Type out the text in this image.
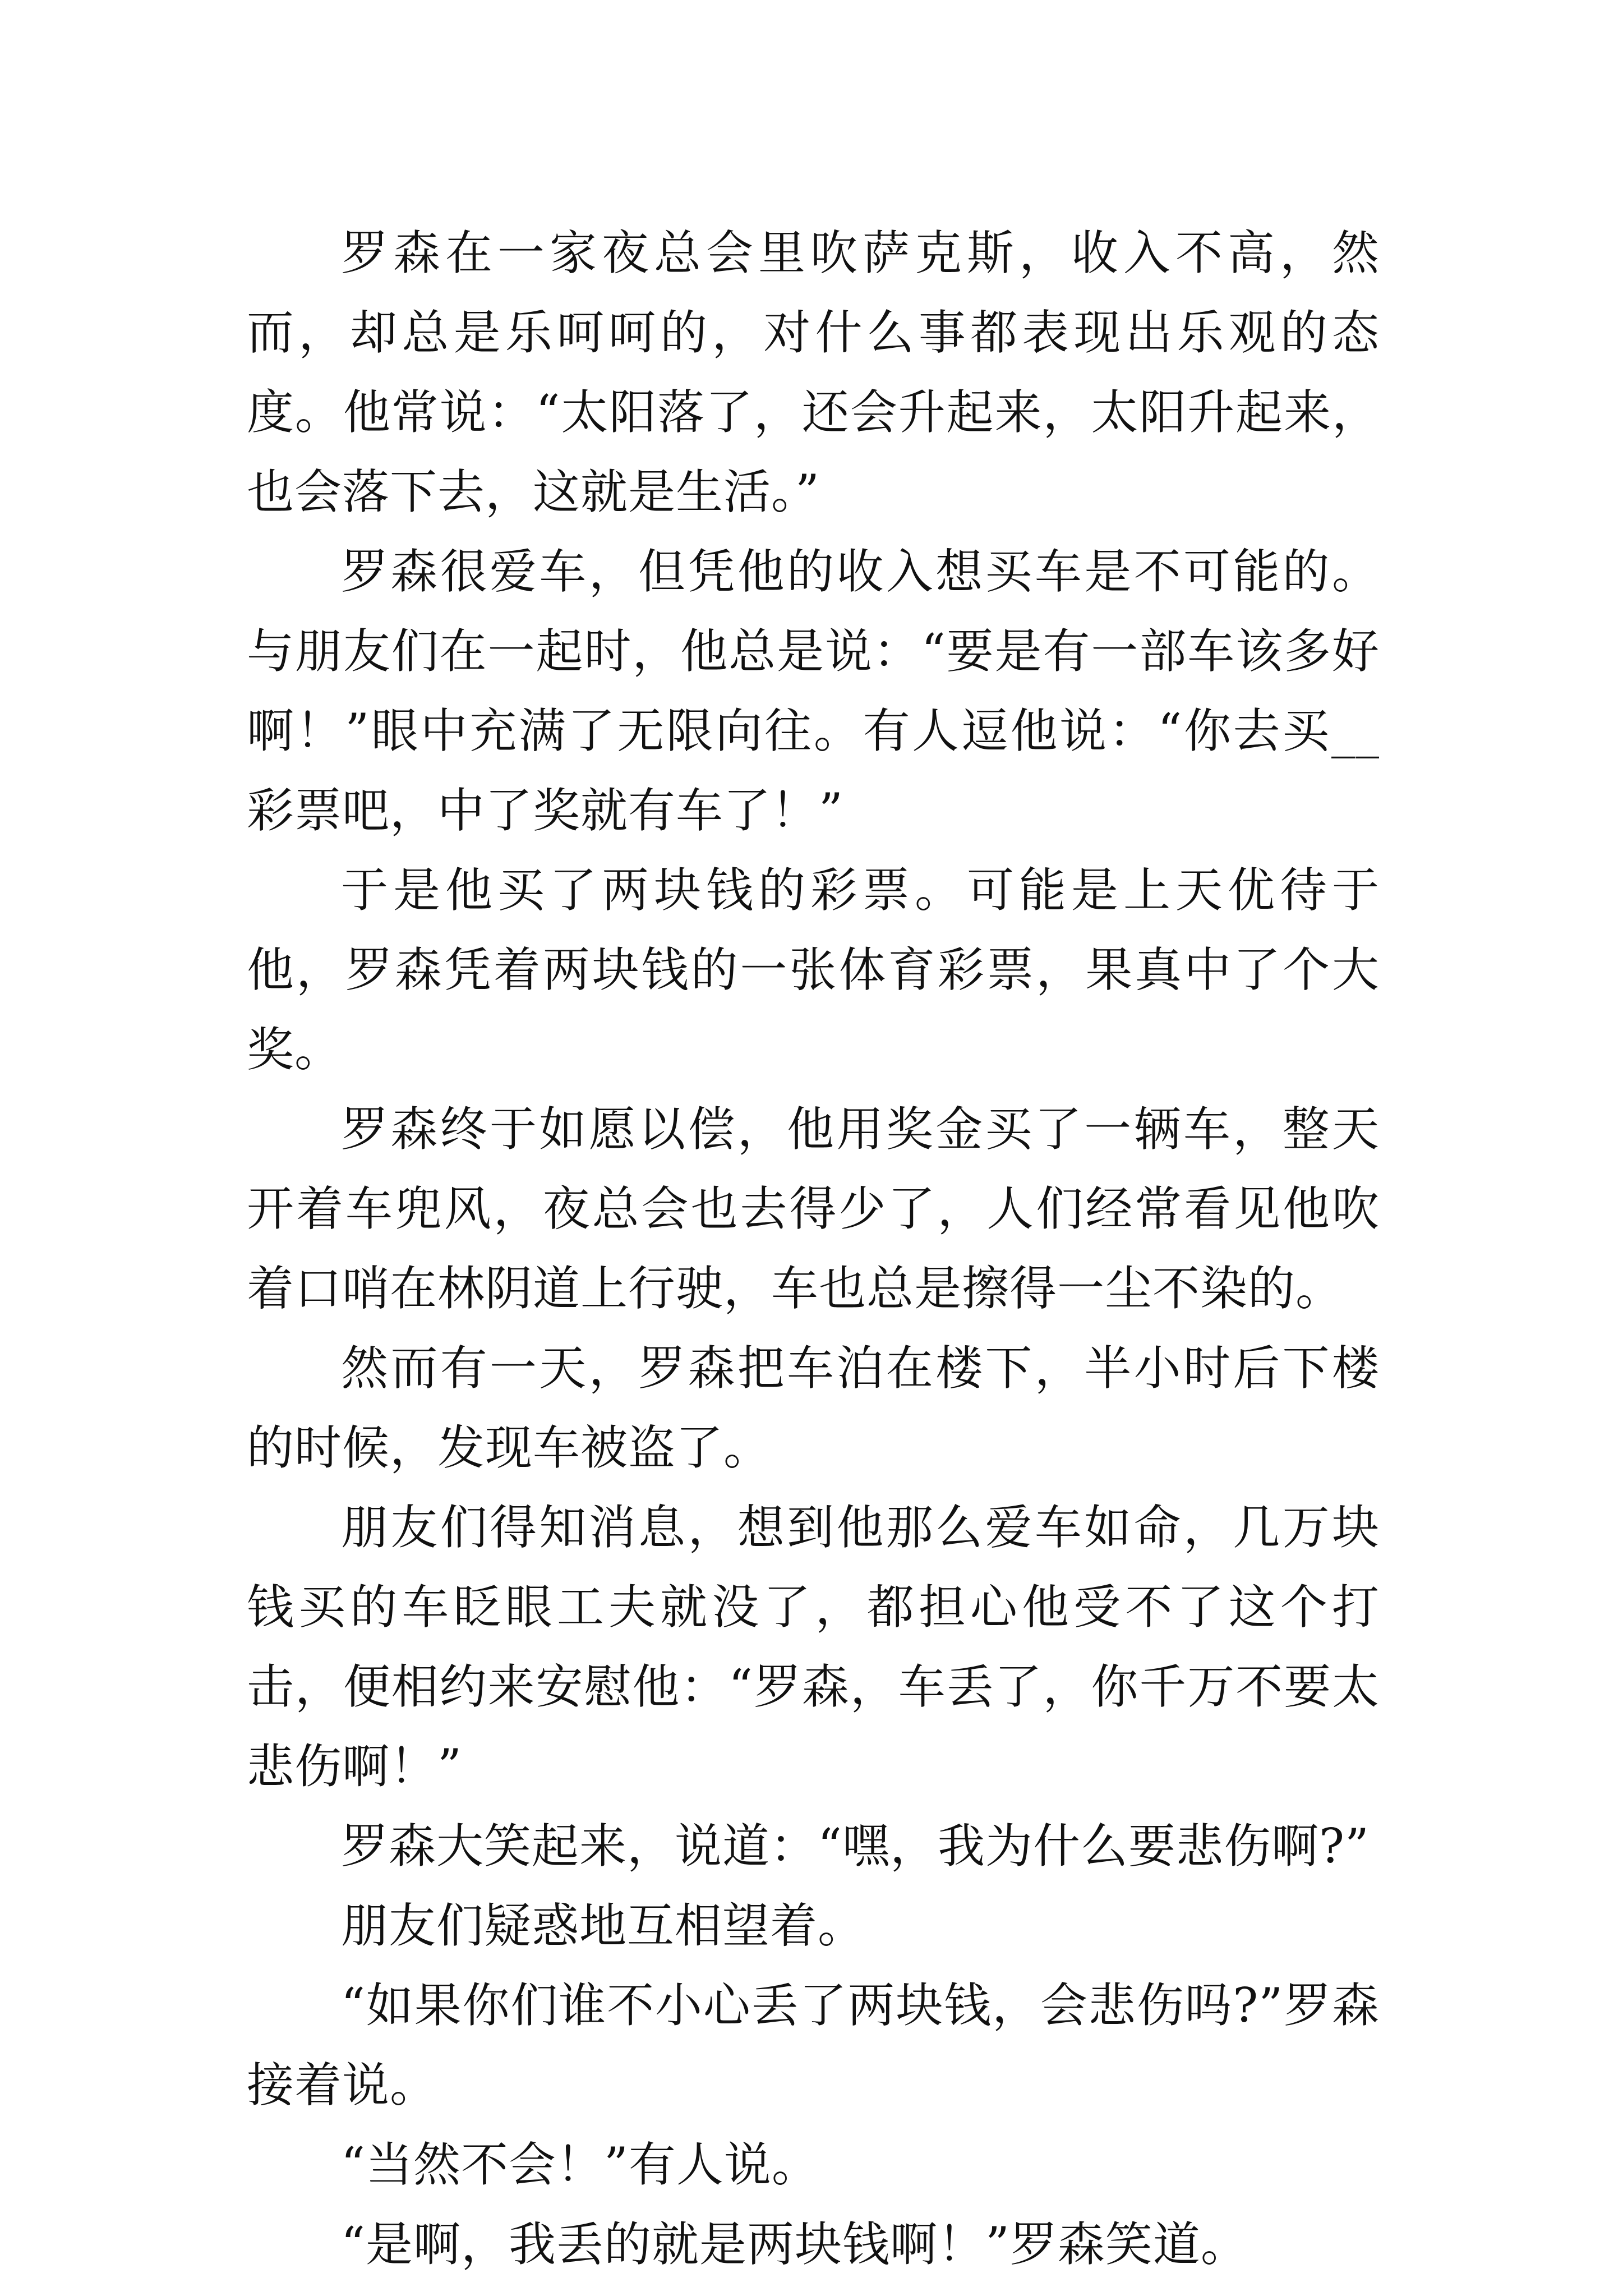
罗森在一家夜总会里吹萨克斯，收入不高，然而，却总是乐呵呵的，对什么事都表现出乐观的态度。他常说：“太阳落了，还会升起来，太阳升起来，也会落下去，这就是生活。”

罗森很爱车，但凭他的收入想买车是不可能的。与朋友们在一起时，他总是说：“要是有一部车该多好啊！”眼中充满了无限向往。有人逗他说：“你去买__彩票吧，中了奖就有车了！”

于是他买了两块钱的彩票。可能是上天优待于他，罗森凭着两块钱的一张体育彩票，果真中了个大奖。

罗森终于如愿以偿，他用奖金买了一辆车，整天开着车兜风，夜总会也去得少了，人们经常看见他吹着口哨在林阴道上行驶，车也总是擦得一尘不染的。

然而有一天，罗森把车泊在楼下，半小时后下楼的时候，发现车被盗了。

朋友们得知消息，想到他那么爱车如命，几万块钱买的车眨眼工夫就没了，都担心他受不了这个打击，便相约来安慰他：“罗森，车丢了，你千万不要太悲伤啊！”

罗森大笑起来，说道：“嘿，我为什么要悲伤啊?”

朋友们疑惑地互相望着。

“如果你们谁不小心丢了两块钱，会悲伤吗?”罗森接着说。

“当然不会！”有人说。

“是啊，我丢的就是两块钱啊！”罗森笑道。
